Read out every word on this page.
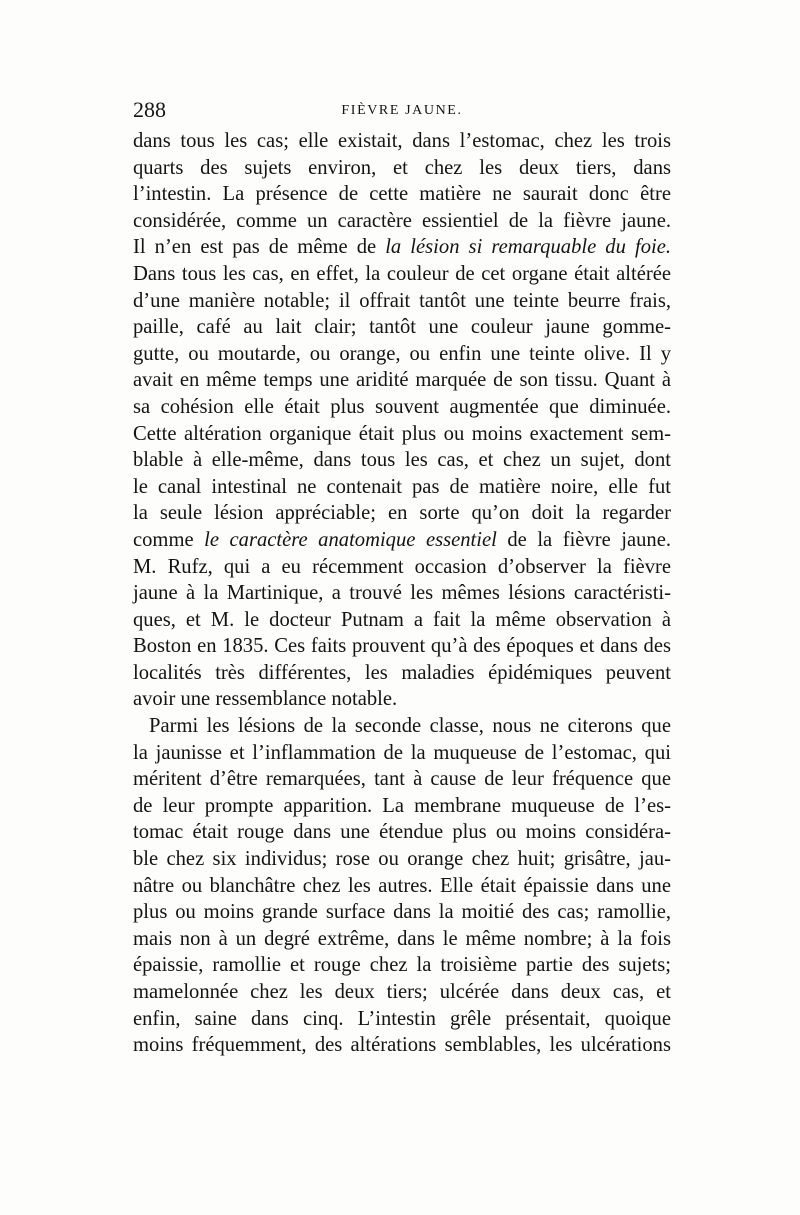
288	FIÈVRE JAUNE.
dans tous les cas; elle existait, dans l’estomac, chez les trois
quarts des sujets environ, et chez les deux tiers, dans
l’intestin. La présence de cette matière ne saurait donc être
considérée, comme un caractère essientiel de la fièvre jaune.
Il n’en est pas de même de la lésion si remarquable du foie.
Dans tous les cas, en effet, la couleur de cet organe était altérée
d’une manière notable; il offrait tantôt une teinte beurre frais,
paille, café au lait clair; tantôt une couleur jaune gomme-
gutte, ou moutarde, ou orange, ou enfin une teinte olive. Il y
avait en même temps une aridité marquée de son tissu. Quant à
sa cohésion elle était plus souvent augmentée que diminuée.
Cette altération organique était plus ou moins exactement sem-
blable à elle-même, dans tous les cas, et chez un sujet, dont
le canal intestinal ne contenait pas de matière noire, elle fut
la seule lésion appréciable; en sorte qu’on doit la regarder
comme le caractère anatomique essentiel de la fièvre jaune.
M. Rufz, qui a eu récemment occasion d’observer la fièvre
jaune à la Martinique, a trouvé les mêmes lésions caractéristi-
ques, et M. le docteur Putnam a fait la même observation à
Boston en 1835. Ces faits prouvent qu’à des époques et dans des
localités très différentes, les maladies épidémiques peuvent
avoir une ressemblance notable.
Parmi les lésions de la seconde classe, nous ne citerons que
la jaunisse et l’inflammation de la muqueuse de l’estomac, qui
méritent d’être remarquées, tant à cause de leur fréquence que
de leur prompte apparition. La membrane muqueuse de l’es-
tomac était rouge dans une étendue plus ou moins considéra-
ble chez six individus; rose ou orange chez huit; grisâtre, jau-
nâtre ou blanchâtre chez les autres. Elle était épaissie dans une
plus ou moins grande surface dans la moitié des cas; ramollie,
mais non à un degré extrême, dans le même nombre; à la fois
épaissie, ramollie et rouge chez la troisième partie des sujets;
mamelonnée chez les deux tiers; ulcérée dans deux cas, et
enfin, saine dans cinq. L’intestin grêle présentait, quoique
moins fréquemment, des altérations semblables, les ulcérations
